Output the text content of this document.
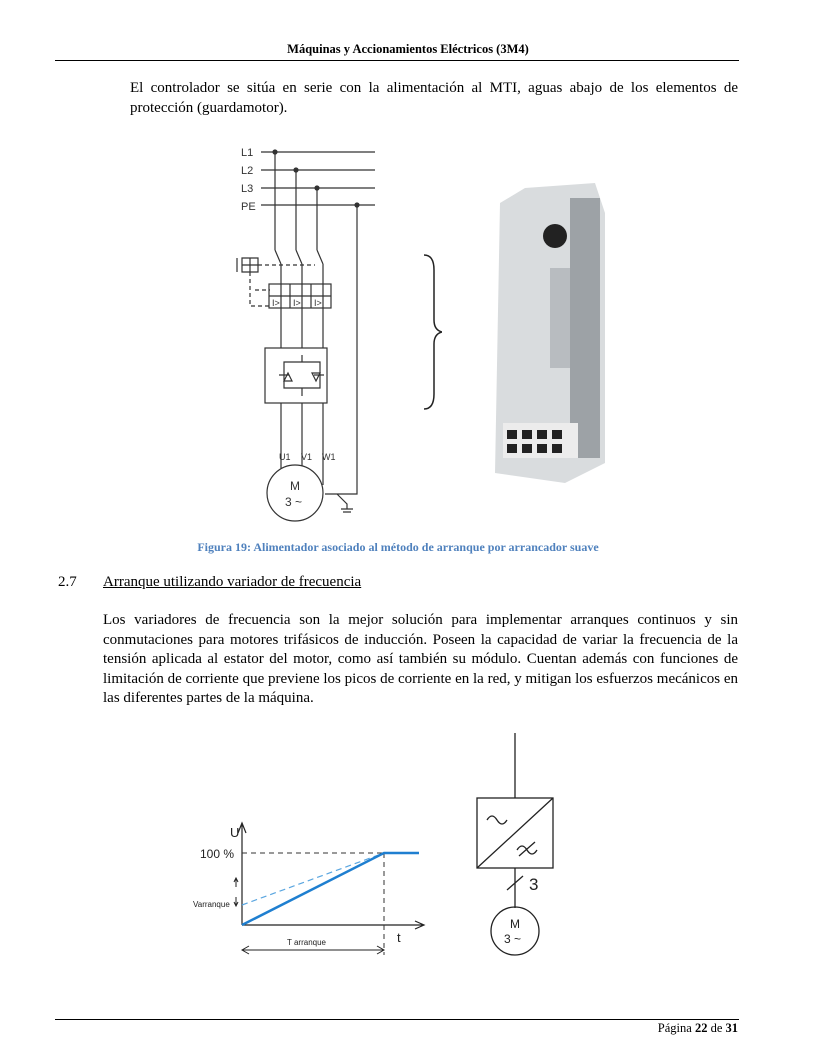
Máquinas y Accionamientos Eléctricos (3M4)
El controlador se sitúa en serie con la alimentación al MTI, aguas abajo de los elementos de protección (guardamotor).
L1
L2
L3
PE
I> I> I>
U1 V1 W1
M
3 ~
Figura 19: Alimentador asociado al método de arranque por arrancador suave
2.7 Arranque utilizando variador de frecuencia
Los variadores de frecuencia son la mejor solución para implementar arranques continuos y sin conmutaciones para motores trifásicos de inducción. Poseen la capacidad de variar la frecuencia de la tensión aplicada al estator del motor, como así también su módulo. Cuentan además con funciones de limitación de corriente que previene los picos de corriente en la red, y mitigan los esfuerzos mecánicos en las diferentes partes de la máquina.
U
t
100 %
Varranque
T arranque
3
M
3 ~
Página 22 de 31
